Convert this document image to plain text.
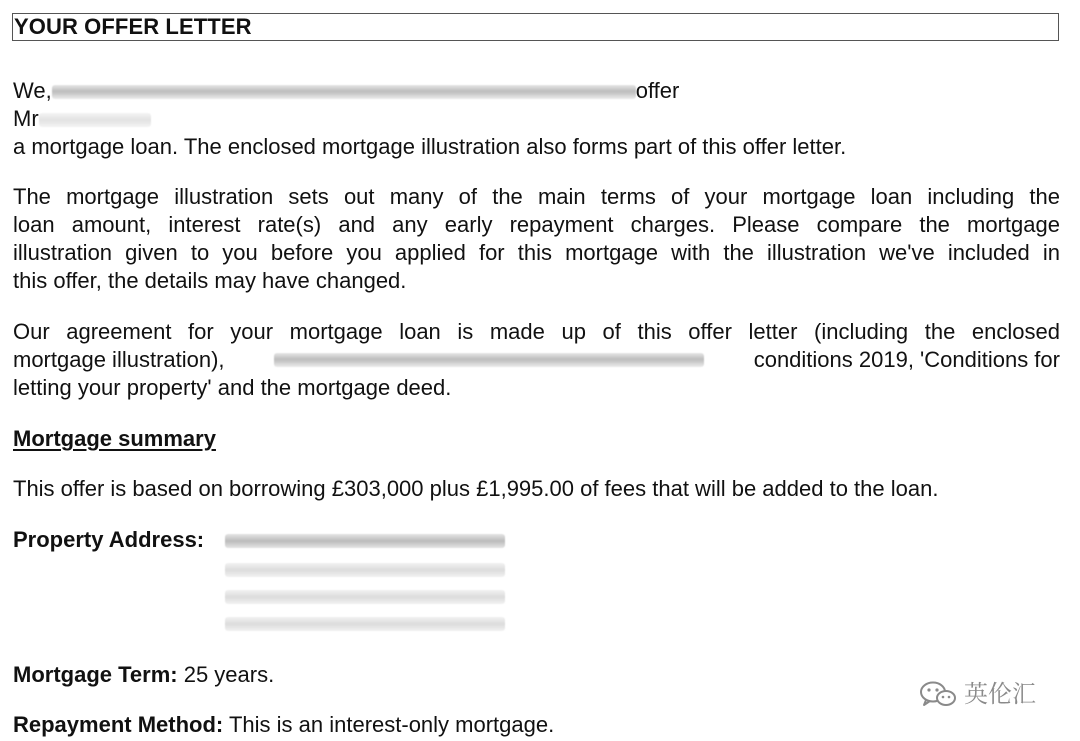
YOUR OFFER LETTER
We,	offer
Mr
a mortgage loan. The enclosed mortgage illustration also forms part of this offer letter.
The mortgage illustration sets out many of the main terms of your mortgage loan including the
loan amount, interest rate(s) and any early repayment charges. Please compare the mortgage
illustration given to you before you applied for this mortgage with the illustration we've included in
this offer, the details may have changed.
Our agreement for your mortgage loan is made up of this offer letter (including the enclosed
mortgage illustration),	conditions 2019, 'Conditions for
letting your property' and the mortgage deed.
Mortgage summary
This offer is based on borrowing £303,000 plus £1,995.00 of fees that will be added to the loan.
Property Address:
Mortgage Term: 25 years.
Repayment Method: This is an interest-only mortgage.
英伦汇
